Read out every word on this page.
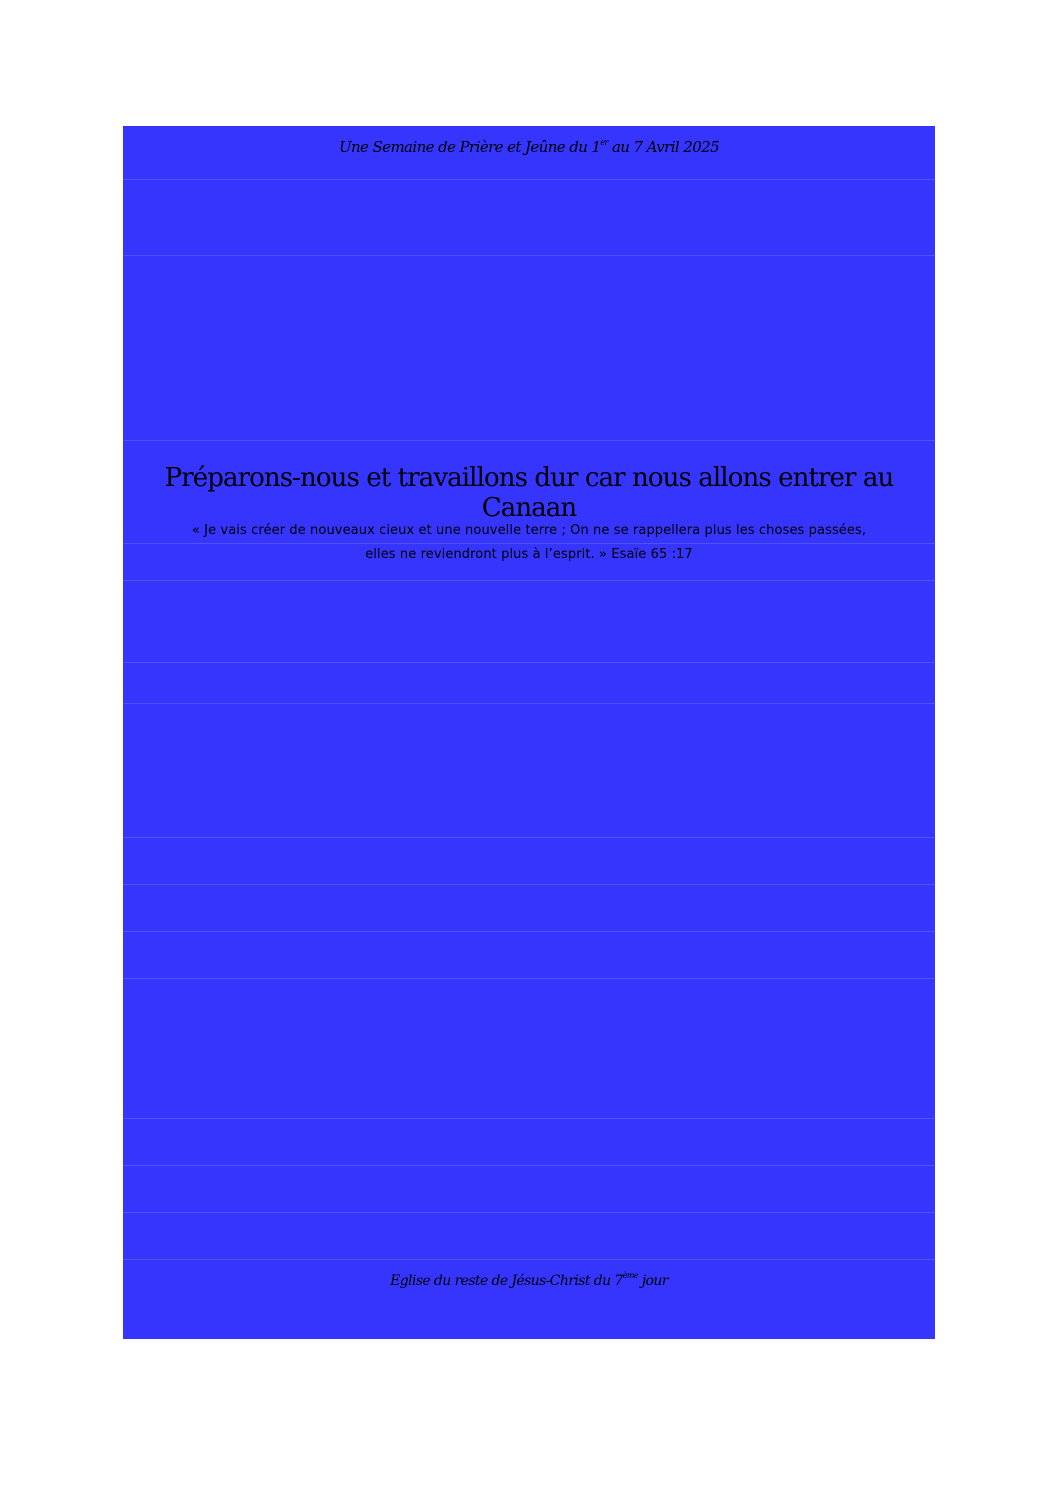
Une Semaine de Prière et Jeûne du 1er au 7 Avril 2025
Préparons-nous et travaillons dur car nous allons entrer au Canaan
« Je vais créer de nouveaux cieux et une nouvelle terre ; On ne se rappellera plus les choses passées,
elles ne reviendront plus à l’esprit. » Esaïe 65 :17
Eglise du reste de Jésus-Christ du 7ème jour
